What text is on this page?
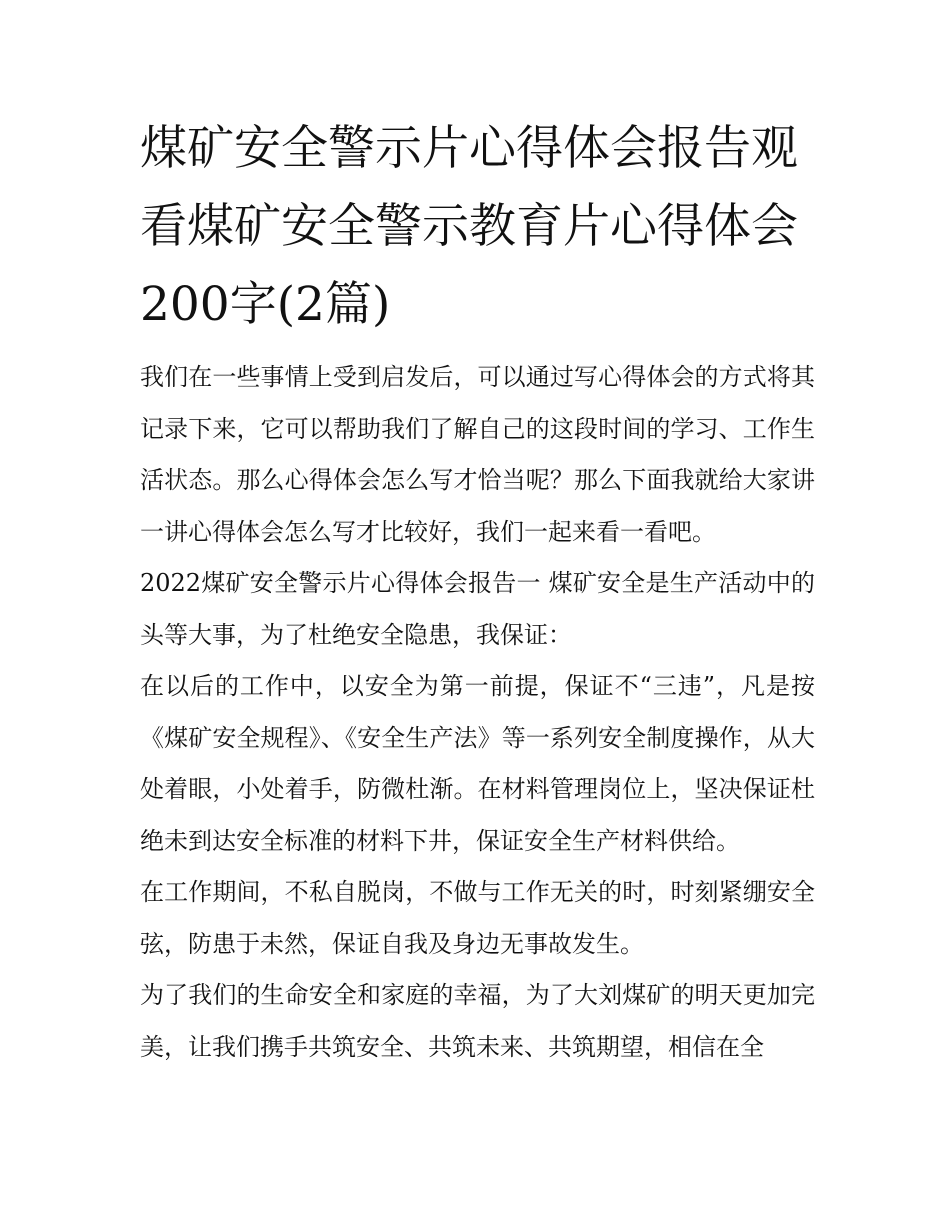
煤矿安全警示片心得体会报告观看煤矿安全警示教育片心得体会200字(2篇)

我们在一些事情上受到启发后，可以通过写心得体会的方式将其记录下来，它可以帮助我们了解自己的这段时间的学习、工作生活状态。那么心得体会怎么写才恰当呢？那么下面我就给大家讲一讲心得体会怎么写才比较好，我们一起来看一看吧。

2022煤矿安全警示片心得体会报告一 煤矿安全是生产活动中的头等大事，为了杜绝安全隐患，我保证：

在以后的工作中，以安全为第一前提，保证不“三违”，凡是按《煤矿安全规程》、《安全生产法》等一系列安全制度操作，从大处着眼，小处着手，防微杜渐。在材料管理岗位上，坚决保证杜绝未到达安全标准的材料下井，保证安全生产材料供给。

在工作期间，不私自脱岗，不做与工作无关的时，时刻紧绷安全弦，防患于未然，保证自我及身边无事故发生。

为了我们的生命安全和家庭的幸福，为了大刘煤矿的明天更加完美，让我们携手共筑安全、共筑未来、共筑期望，相信在全
